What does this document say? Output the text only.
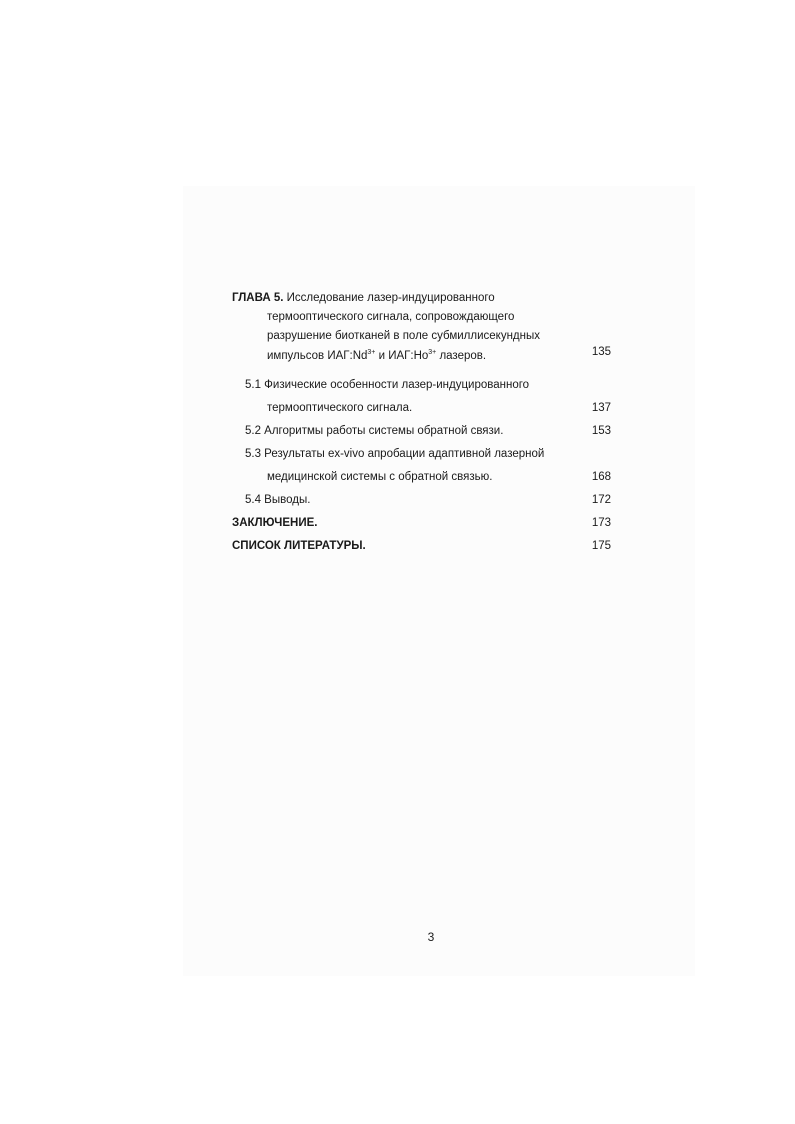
ГЛАВА 5. Исследование лазер-индуцированного
термооптического сигнала, сопровождающего
разрушение биотканей в поле субмиллисекундных
импульсов $ИАГ:Nd^{3+}$ и $ИАГ:Ho^{3+}$ лазеров.	135
5.1 Физические особенности лазер-индуцированного
термооптического сигнала.	137
5.2 Алгоритмы работы системы обратной связи.	153
5.3 Результаты ex-vivo апробации адаптивной лазерной
медицинской системы с обратной связью.	168
5.4 Выводы.	172
ЗАКЛЮЧЕНИЕ.	173
СПИСОК ЛИТЕРАТУРЫ.	175
3
